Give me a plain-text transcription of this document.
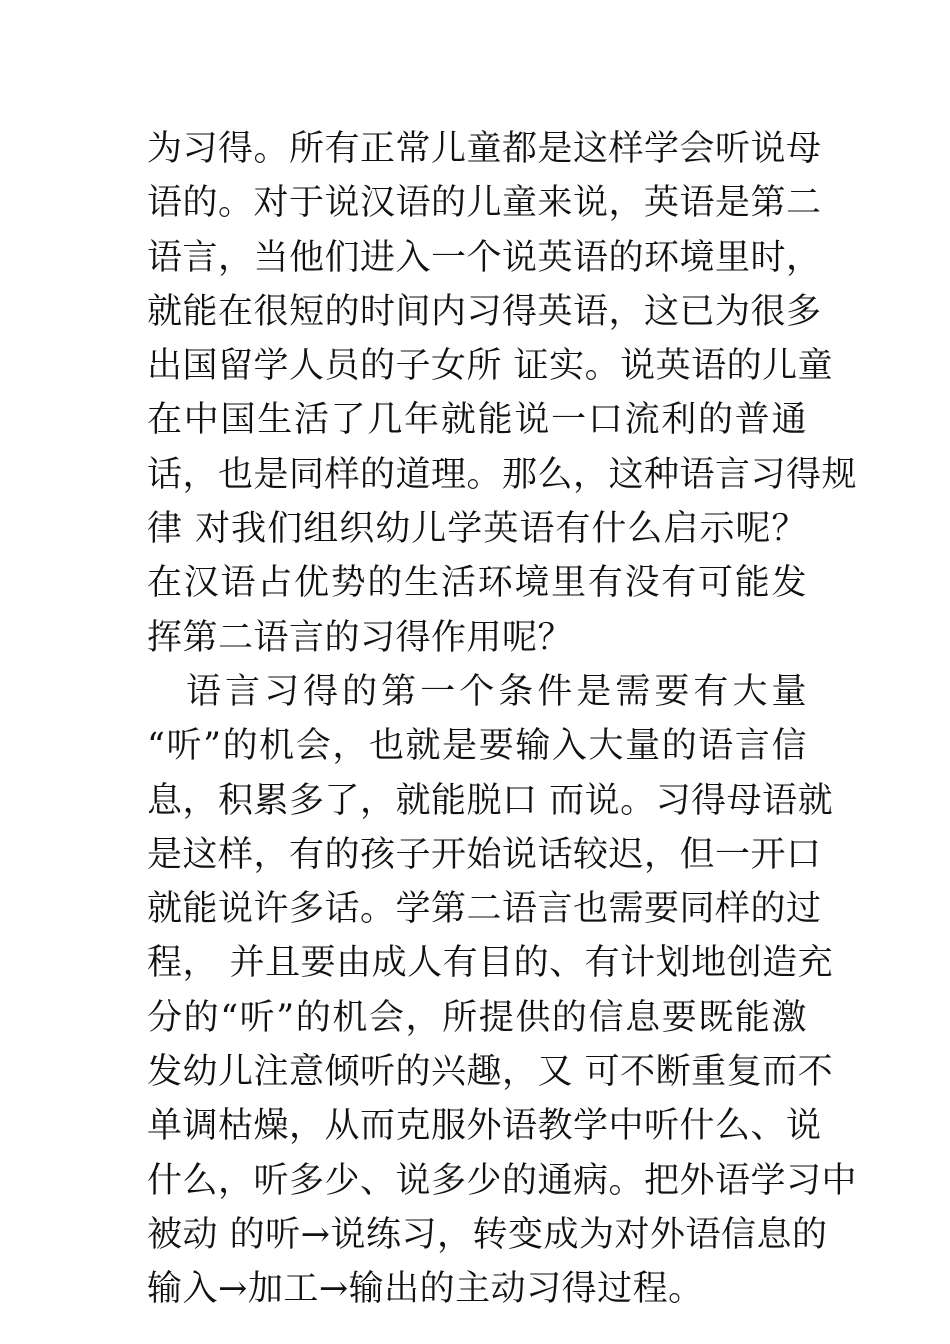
为习得。所有正常儿童都是这样学会听说母
语的。对于说汉语的儿童来说，英语是第二
语言，当他们进入一个说英语的环境里时，
就能在很短的时间内习得英语，这已为很多
出国留学人员的子女所 证实。说英语的儿童
在中国生活了几年就能说一口流利的普通
话，也是同样的道理。那么，这种语言习得规
律 对我们组织幼儿学英语有什么启示呢？
在汉语占优势的生活环境里有没有可能发
挥第二语言的习得作用呢？
　语言习得的第一个条件是需要有大量
“听”的机会，也就是要输入大量的语言信
息，积累多了，就能脱口 而说。习得母语就
是这样，有的孩子开始说话较迟，但一开口
就能说许多话。学第二语言也需要同样的过
程， 并且要由成人有目的、有计划地创造充
分的“听”的机会，所提供的信息要既能激
发幼儿注意倾听的兴趣，又 可不断重复而不
单调枯燥，从而克服外语教学中听什么、说
什么，听多少、说多少的通病。把外语学习中
被动 的听→说练习，转变成为对外语信息的
输入→加工→输出的主动习得过程。
